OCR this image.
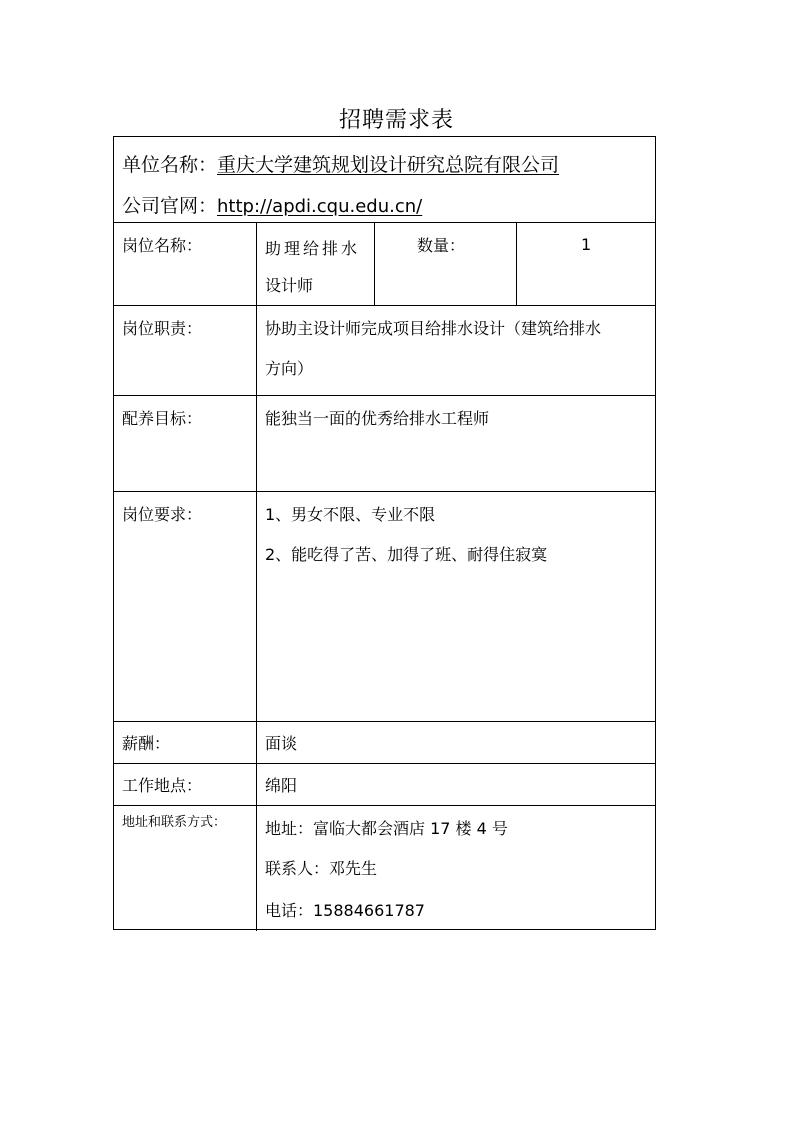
招聘需求表
单位名称：重庆大学建筑规划设计研究总院有限公司
公司官网：http://apdi.cqu.edu.cn/
岗位名称：	助理给排水
设计师
数量：	1
岗位职责：	协助主设计师完成项目给排水设计（建筑给排水
方向）
配养目标：	能独当一面的优秀给排水工程师
岗位要求：	1、男女不限、专业不限
2、能吃得了苦、加得了班、耐得住寂寞
薪酬：	面谈
工作地点：	绵阳
地址和联系方式： 地址：富临大都会酒店 17 楼 4 号
联系人：邓先生
电话：15884661787
